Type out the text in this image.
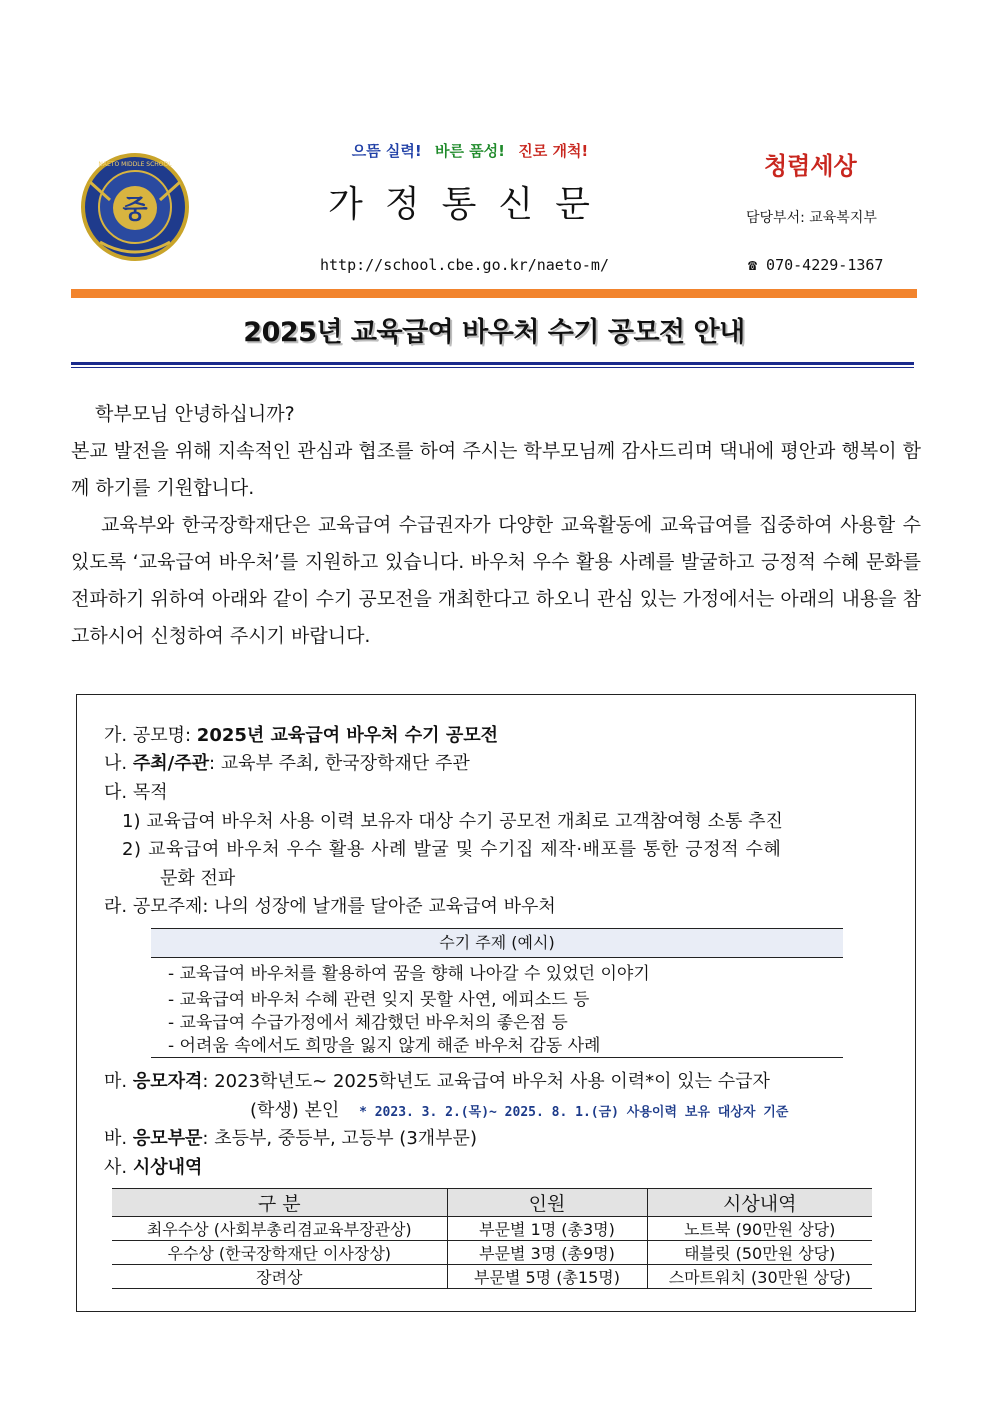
중
NAETO MIDDLE SCHOOL
으뜸 실력! 바른 품성! 진로 개척!
가정통신문
http://school.cbe.go.kr/naeto-m/
청렴세상
담당부서: 교육복지부
☎ 070-4229-1367
2025년 교육급여 바우처 수기 공모전 안내
학부모님 안녕하십니까?
본교 발전을 위해 지속적인 관심과 협조를 하여 주시는 학부모님께 감사드리며 댁내에 평안과 행복이 함께 하기를 기원합니다.
교육부와 한국장학재단은 교육급여 수급권자가 다양한 교육활동에 교육급여를 집중하여 사용할 수 있도록 ‘교육급여 바우처’를 지원하고 있습니다. 바우처 우수 활용 사례를 발굴하고 긍정적 수혜 문화를 전파하기 위하여 아래와 같이 수기 공모전을 개최한다고 하오니 관심 있는 가정에서는 아래의 내용을 참고하시어 신청하여 주시기 바랍니다.
가. 공모명: 2025년 교육급여 바우처 수기 공모전
나. 주최/주관: 교육부 주최, 한국장학재단 주관
다. 목적
1) 교육급여 바우처 사용 이력 보유자 대상 수기 공모전 개최로 고객참여형 소통 추진
2) 교육급여 바우처 우수 활용 사례 발굴 및 수기집 제작·배포를 통한 긍정적 수혜
문화 전파
라. 공모주제: 나의 성장에 날개를 달아준 교육급여 바우처
수기 주제 (예시)
- 교육급여 바우처를 활용하여 꿈을 향해 나아갈 수 있었던 이야기
- 교육급여 바우처 수혜 관련 잊지 못할 사연, 에피소드 등
- 교육급여 수급가정에서 체감했던 바우처의 좋은점 등
- 어려움 속에서도 희망을 잃지 않게 해준 바우처 감동 사례
마. 응모자격: 2023학년도~ 2025학년도 교육급여 바우처 사용 이력*이 있는 수급자
(학생) 본인 * 2023. 3. 2.(목)~ 2025. 8. 1.(금) 사용이력 보유 대상자 기준
바. 응모부문: 초등부, 중등부, 고등부 (3개부문)
사. 시상내역
구 분	인원	시상내역
최우수상 (사회부총리겸교육부장관상)	부문별 1명 (총3명)	노트북 (90만원 상당)
우수상 (한국장학재단 이사장상)	부문별 3명 (총9명)	태블릿 (50만원 상당)
장려상	부문별 5명 (총15명)	스마트워치 (30만원 상당)
